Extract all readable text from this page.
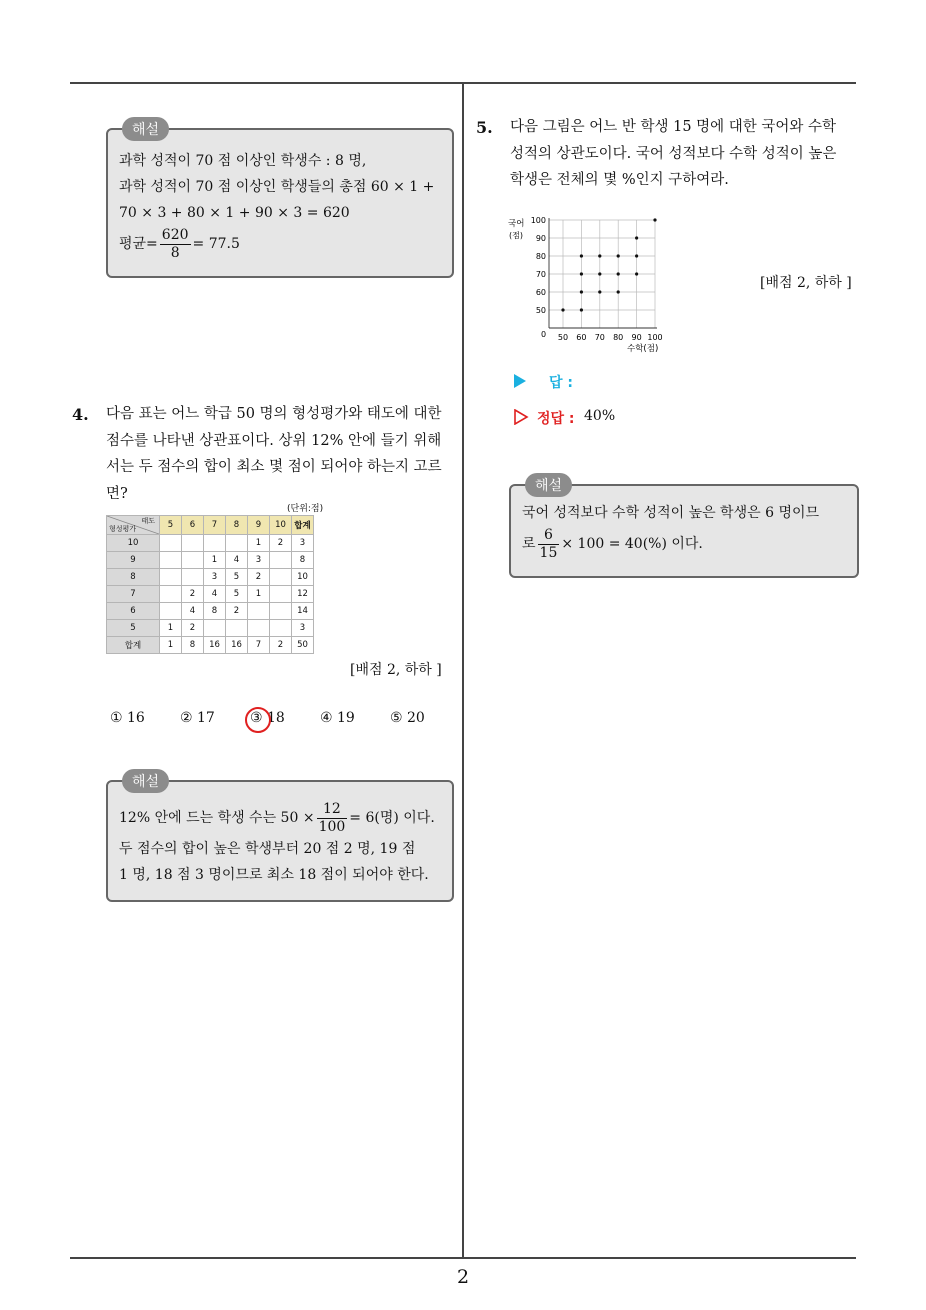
2
해설
과학 성적이 70 점 이상인 학생수 : 8 명,
과학 성적이 70 점 이상인 학생들의 총점 60 × 1 +
70 × 3 + 80 × 1 + 90 × 3 = 620
평균= $\frac{620}{8} = 77.5$
4. 다음 표는 어느 학급 50 명의 형성평가와 태도에 대한
점수를 나타낸 상관표이다. 상위 12% 안에 들기 위해
서는 두 점수의 합이 최소 몇 점이 되어야 하는지 고르
면?
(단위:점)
태도
형성평가	5	6	7	8	9	10	합계
10					1	2	3
9			1	4	3		8
8			3	5	2		10
7		2	4	5	1		12
6		4	8	2			14
5	1	2					3
합계	1	8	16	16	7	2	50
[배점 2, 하하 ]
① 16	② 17	③ 18	④ 19	⑤ 20
해설
12% 안에 드는 학생 수는 $50 \times \frac{12}{100} = 6$(명) 이다.
두 점수의 합이 높은 학생부터 20 점 2 명, 19 점
1 명, 18 점 3 명이므로 최소 18 점이 되어야 한다.
5. 다음 그림은 어느 반 학생 15 명에 대한 국어와 수학
성적의 상관도이다. 국어 성적보다 수학 성적이 높은
학생은 전체의 몇 %인지 구하여라.
50 60 70 80 90 100
50
60
70
80
90
100
국어
(점)
수학(점)
0
[배점 2, 하하 ]
답 :
정답 : 40%
해설
국어 성적보다 수학 성적이 높은 학생은 6 명이므
로 $\frac{6}{15} \times 100 = 40(\%)$ 이다.
